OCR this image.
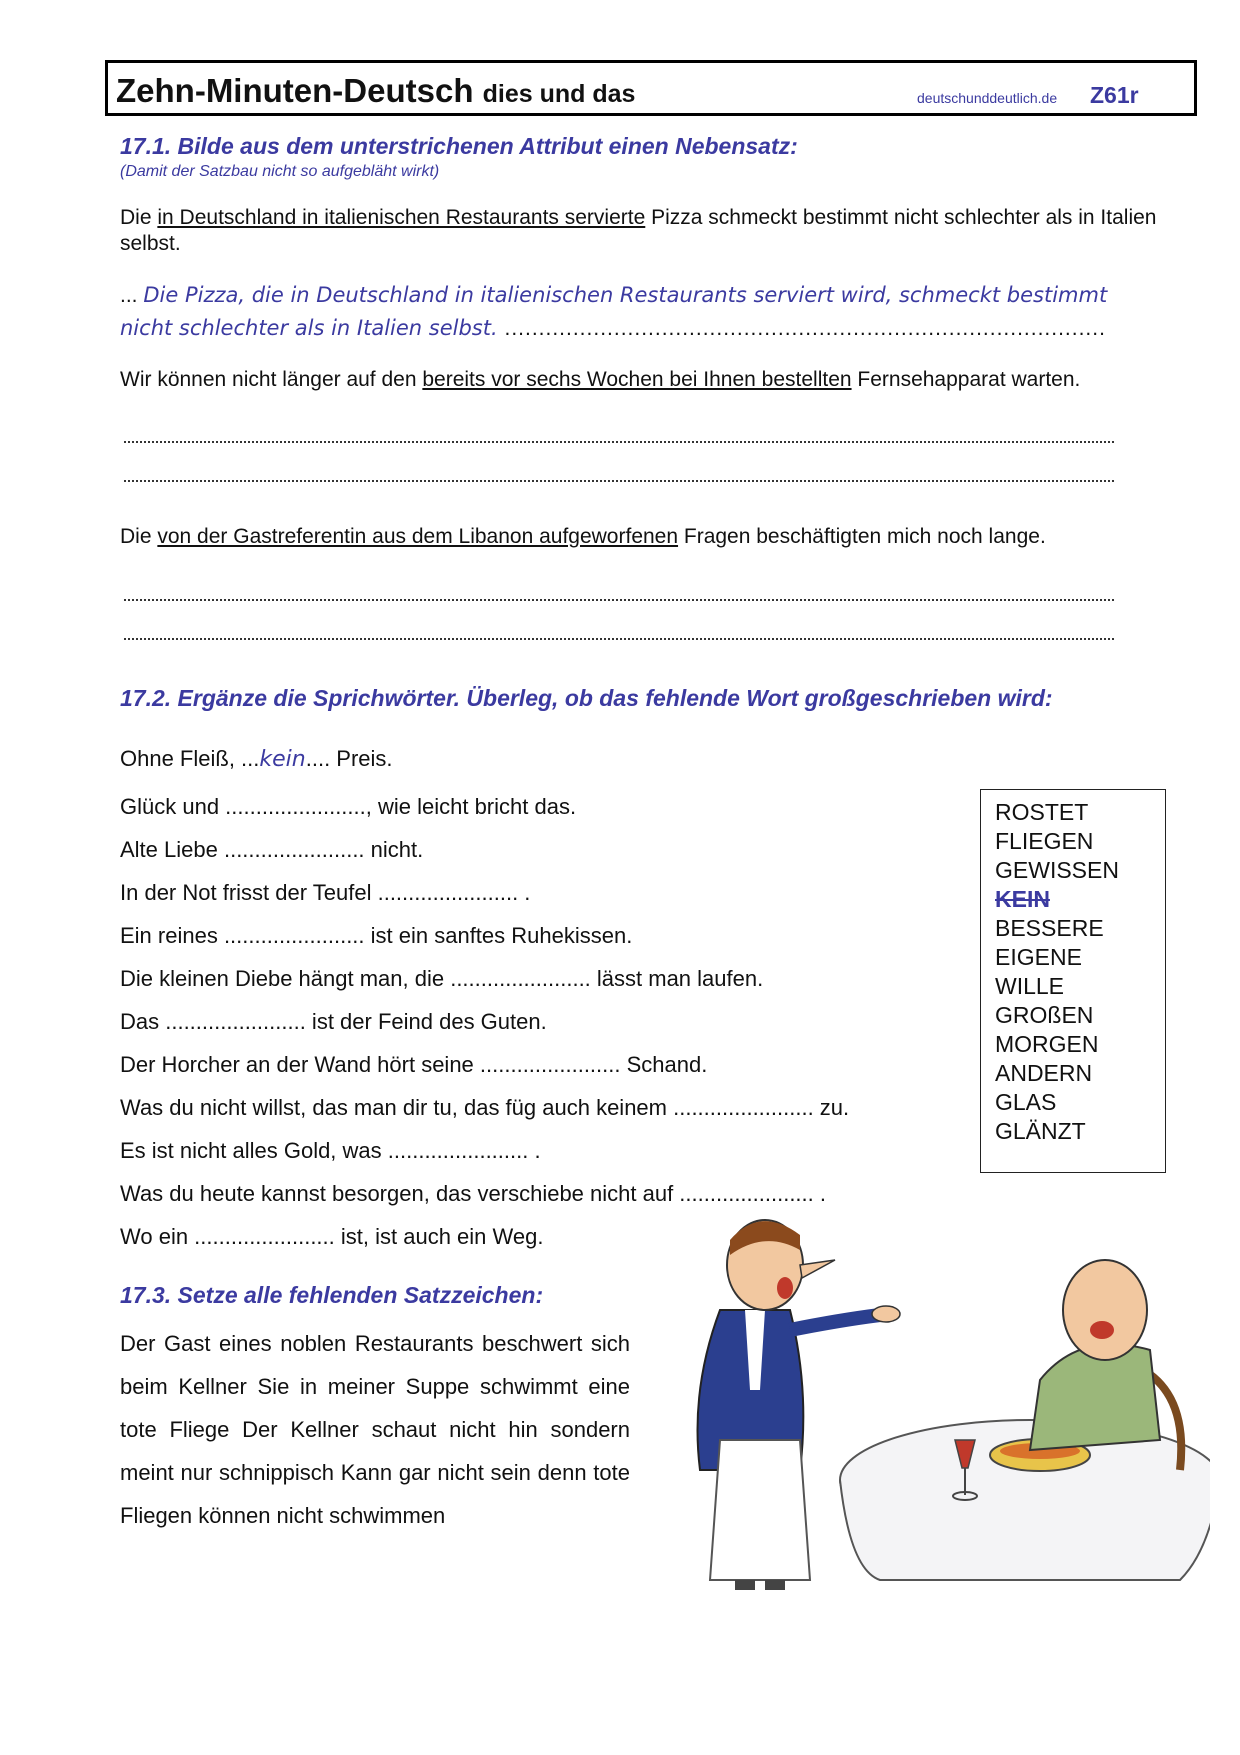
Zehn-Minuten-Deutsch dies und das	deutschunddeutlich.de Z61r
17.1. Bilde aus dem unterstrichenen Attribut einen Nebensatz:
(Damit der Satzbau nicht so aufgebläht wirkt)
Die in Deutschland in italienischen Restaurants servierte Pizza schmeckt bestimmt nicht schlechter als in Italien selbst.
... Die Pizza, die in Deutschland in italienischen Restaurants serviert wird, schmeckt bestimmt
nicht schlechter als in Italien selbst. ........................................................................................
Wir können nicht länger auf den bereits vor sechs Wochen bei Ihnen bestellten Fernsehapparat warten.
Die von der Gastreferentin aus dem Libanon aufgeworfenen Fragen beschäftigten mich noch lange.
17.2. Ergänze die Sprichwörter. Überleg, ob das fehlende Wort großgeschrieben wird:
Ohne Fleiß, ...kein.... Preis.
Glück und ......................., wie leicht bricht das.
Alte Liebe ....................... nicht.
In der Not frisst der Teufel ....................... .
Ein reines ....................... ist ein sanftes Ruhekissen.
Die kleinen Diebe hängt man, die ....................... lässt man laufen.
Das ....................... ist der Feind des Guten.
Der Horcher an der Wand hört seine ....................... Schand.
Was du nicht willst, das man dir tu, das füg auch keinem ....................... zu.
Es ist nicht alles Gold, was ....................... .
Was du heute kannst besorgen, das verschiebe nicht auf ...................... .
Wo ein ....................... ist, ist auch ein Weg.
ROSTET
FLIEGEN
GEWISSEN
KEIN
BESSERE
EIGENE
WILLE
GROßEN
MORGEN
ANDERN
GLAS
GLÄNZT
17.3. Setze alle fehlenden Satzzeichen:
Der Gast eines noblen Restaurants beschwert sich beim Kellner Sie in meiner Suppe schwimmt eine tote Fliege Der Kellner schaut nicht hin sondern meint nur schnippisch Kann gar nicht sein denn tote Fliegen können nicht schwimmen
